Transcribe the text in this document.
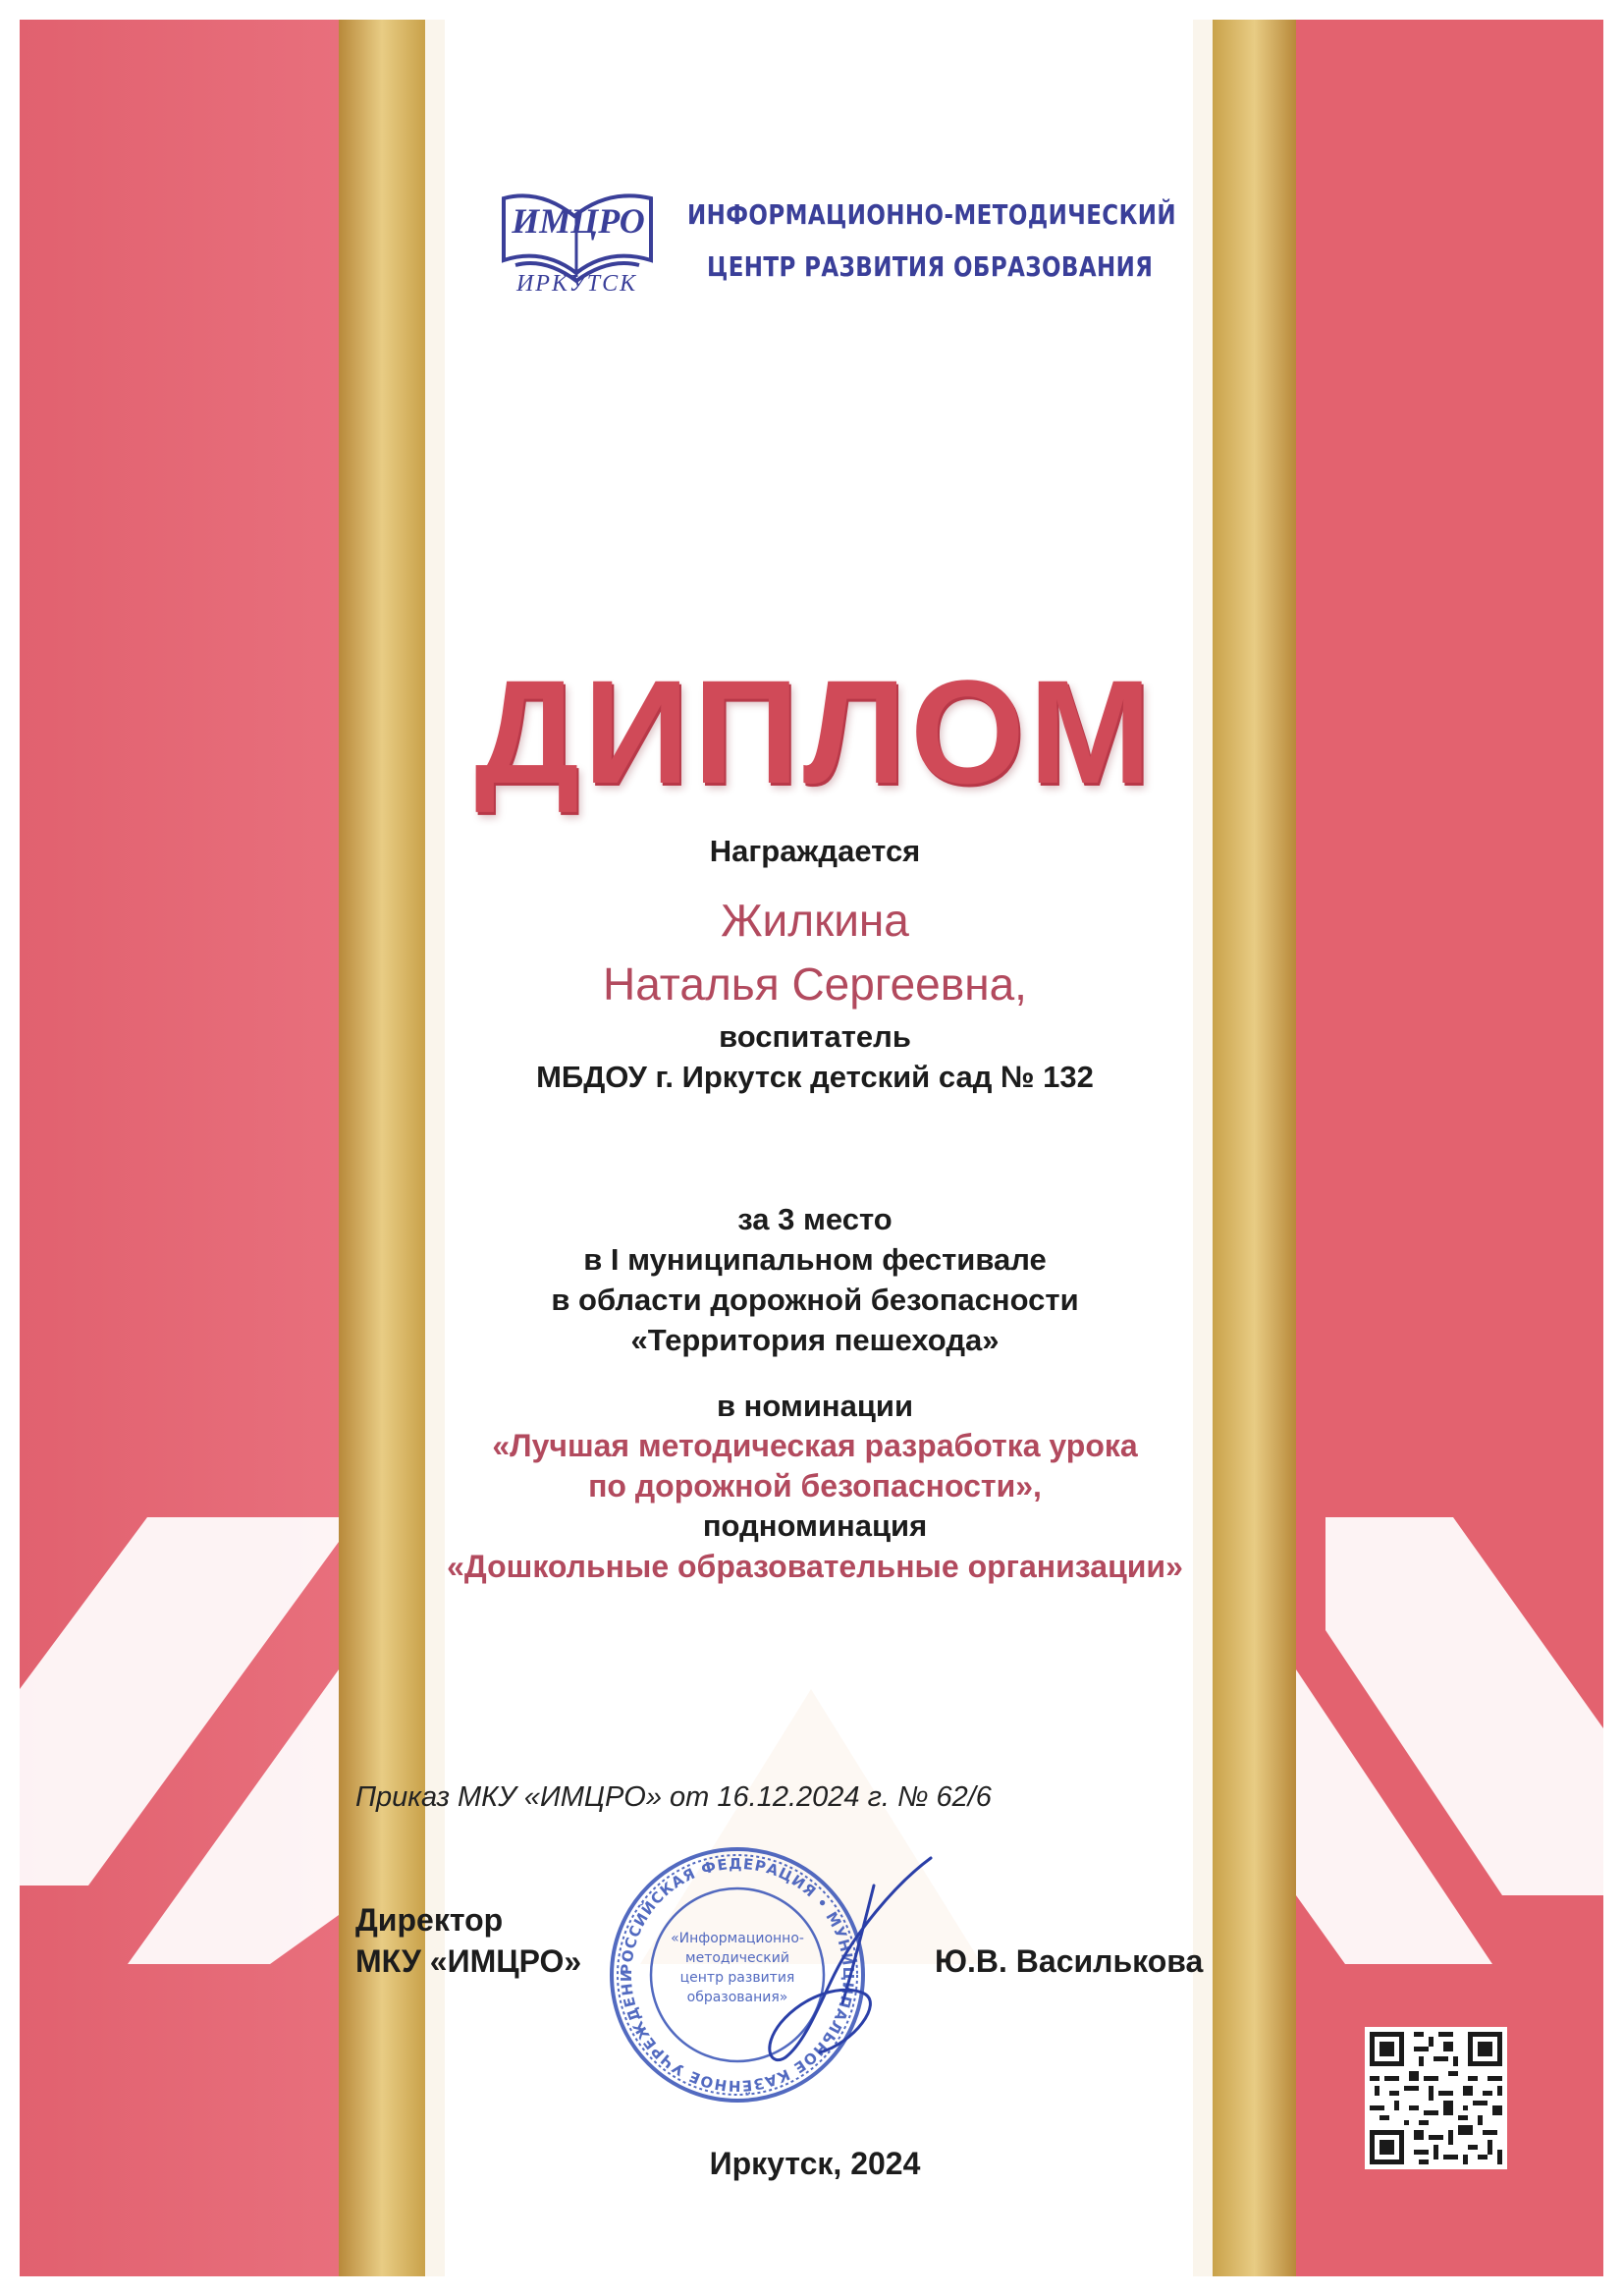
ИМЦРО
ИРКУТСК
ИНФОРМАЦИОННО-МЕТОДИЧЕСКИЙ
ЦЕНТР РАЗВИТИЯ ОБРАЗОВАНИЯ
ДИПЛОМ
Награждается
Жилкина
Наталья Сергеевна,
воспитатель
МБДОУ г. Иркутск детский сад № 132
за 3 место
в I муниципальном фестивале
в области дорожной безопасности
«Территория пешехода»
в номинации
«Лучшая методическая разработка урока
по дорожной безопасности»,
подноминация
«Дошкольные образовательные организации»
Приказ МКУ «ИМЦРО» от 16.12.2024 г. № 62/6
Директор
МКУ «ИМЦРО»	Ю.В. Василькова
РОССИЙСКАЯ ФЕДЕРАЦИЯ • МУНИЦИПАЛЬНОЕ КАЗЁННОЕ УЧРЕЖДЕНИ
«Информационно-
методический
центр развития
образования»
Иркутск, 2024
